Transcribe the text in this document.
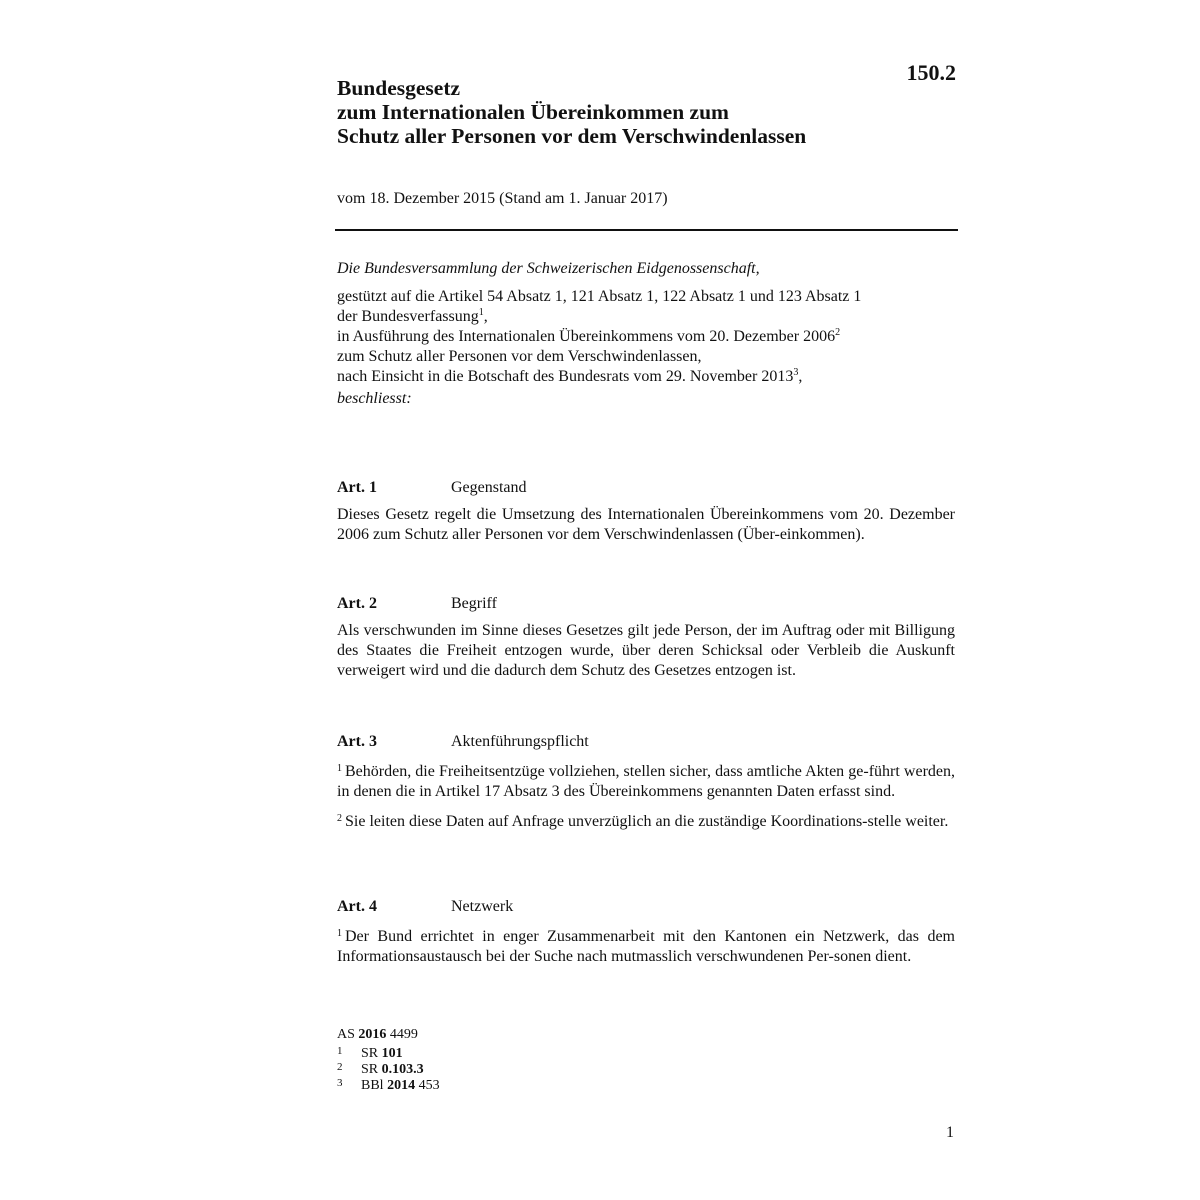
150.2
Bundesgesetz
zum Internationalen Übereinkommen zum
Schutz aller Personen vor dem Verschwindenlassen
vom 18. Dezember 2015 (Stand am 1. Januar 2017)

Die Bundesversammlung der Schweizerischen Eidgenossenschaft,

gestützt auf die Artikel 54 Absatz 1, 121 Absatz 1, 122 Absatz 1 und 123 Absatz 1

der Bundesverfassung$^1$,

in Ausführung des Internationalen Übereinkommens vom 20. Dezember 2006$^2$

zum Schutz aller Personen vor dem Verschwindenlassen,

nach Einsicht in die Botschaft des Bundesrats vom 29. November 2013$^3$,

beschliesst:

Art. 1	Gegenstand

Dieses Gesetz regelt die Umsetzung des Internationalen Übereinkommens vom 20. Dezember 2006 zum Schutz aller Personen vor dem Verschwindenlassen (Über-einkommen).

Art. 2	Begriff

Als verschwunden im Sinne dieses Gesetzes gilt jede Person, der im Auftrag oder mit Billigung des Staates die Freiheit entzogen wurde, über deren Schicksal oder Verbleib die Auskunft verweigert wird und die dadurch dem Schutz des Gesetzes entzogen ist.

Art. 3	Aktenführungspflicht

$^1$ Behörden, die Freiheitsentzüge vollziehen, stellen sicher, dass amtliche Akten ge-führt werden, in denen die in Artikel 17 Absatz 3 des Übereinkommens genannten Daten erfasst sind.

$^2$ Sie leiten diese Daten auf Anfrage unverzüglich an die zuständige Koordinations-stelle weiter.

Art. 4	Netzwerk

$^1$ Der Bund errichtet in enger Zusammenarbeit mit den Kantonen ein Netzwerk, das dem Informationsaustausch bei der Suche nach mutmasslich verschwundenen Per-sonen dient.

AS 2016 4499
1 SR 101
2 SR 0.103.3
3 BBl 2014 453
1
